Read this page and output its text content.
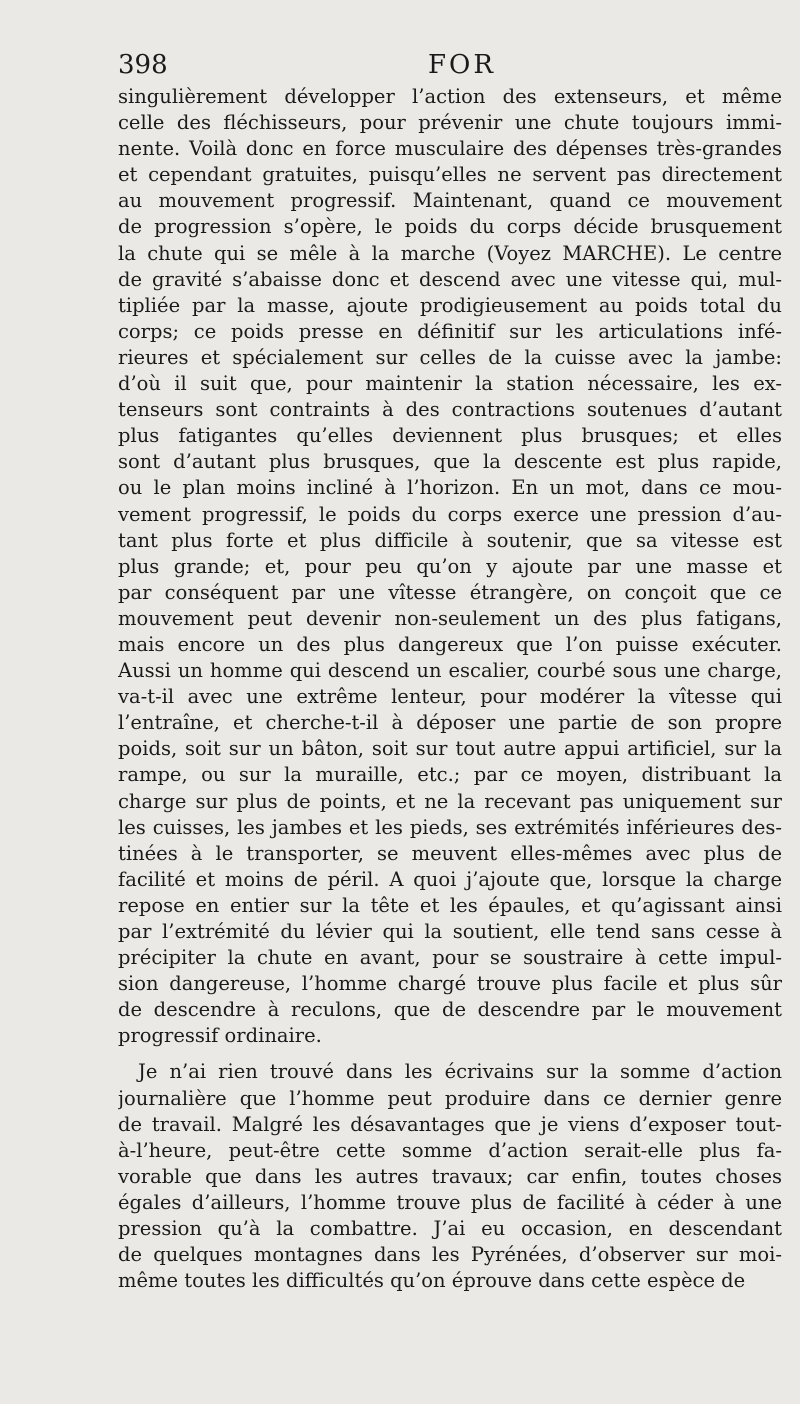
398	FOR
singulièrement développer l’action des extenseurs, et même
celle des fléchisseurs, pour prévenir une chute toujours immi-
nente. Voilà donc en force musculaire des dépenses très-grandes
et cependant gratuites, puisqu’elles ne servent pas directement
au mouvement progressif. Maintenant, quand ce mouvement
de progression s’opère, le poids du corps décide brusquement
la chute qui se mêle à la marche (Voyez MARCHE). Le centre
de gravité s’abaisse donc et descend avec une vitesse qui, mul-
tipliée par la masse, ajoute prodigieusement au poids total du
corps; ce poids presse en définitif sur les articulations infé-
rieures et spécialement sur celles de la cuisse avec la jambe:
d’où il suit que, pour maintenir la station nécessaire, les ex-
tenseurs sont contraints à des contractions soutenues d’autant
plus fatigantes qu’elles deviennent plus brusques; et elles
sont d’autant plus brusques, que la descente est plus rapide,
ou le plan moins incliné à l’horizon. En un mot, dans ce mou-
vement progressif, le poids du corps exerce une pression d’au-
tant plus forte et plus difficile à soutenir, que sa vitesse est
plus grande; et, pour peu qu’on y ajoute par une masse et
par conséquent par une vîtesse étrangère, on conçoit que ce
mouvement peut devenir non-seulement un des plus fatigans,
mais encore un des plus dangereux que l’on puisse exécuter.
Aussi un homme qui descend un escalier, courbé sous une charge,
va-t-il avec une extrême lenteur, pour modérer la vîtesse qui
l’entraîne, et cherche-t-il à déposer une partie de son propre
poids, soit sur un bâton, soit sur tout autre appui artificiel, sur la
rampe, ou sur la muraille, etc.; par ce moyen, distribuant la
charge sur plus de points, et ne la recevant pas uniquement sur
les cuisses, les jambes et les pieds, ses extrémités inférieures des-
tinées à le transporter, se meuvent elles-mêmes avec plus de
facilité et moins de péril. A quoi j’ajoute que, lorsque la charge
repose en entier sur la tête et les épaules, et qu’agissant ainsi
par l’extrémité du lévier qui la soutient, elle tend sans cesse à
précipiter la chute en avant, pour se soustraire à cette impul-
sion dangereuse, l’homme chargé trouve plus facile et plus sûr
de descendre à reculons, que de descendre par le mouvement
progressif ordinaire.
Je n’ai rien trouvé dans les écrivains sur la somme d’action
journalière que l’homme peut produire dans ce dernier genre
de travail. Malgré les désavantages que je viens d’exposer tout-
à-l’heure, peut-être cette somme d’action serait-elle plus fa-
vorable que dans les autres travaux; car enfin, toutes choses
égales d’ailleurs, l’homme trouve plus de facilité à céder à une
pression qu’à la combattre. J’ai eu occasion, en descendant
de quelques montagnes dans les Pyrénées, d’observer sur moi-
même toutes les difficultés qu’on éprouve dans cette espèce de
